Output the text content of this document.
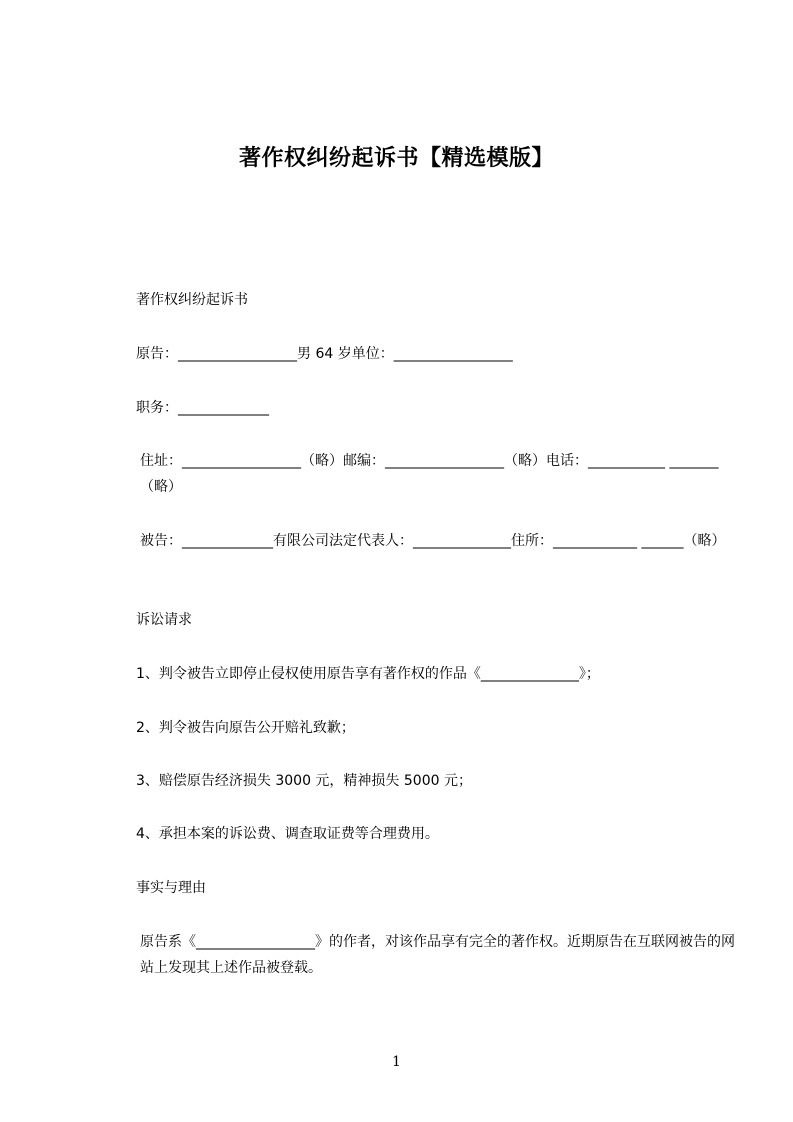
著作权纠纷起诉书【精选模版】
著作权纠纷起诉书
原告：_________________男 64 岁单位：_________________
职务：_____________
住址：_________________（略）邮编：_________________（略）电话：___________ _______（略）
被告：_____________有限公司法定代表人：______________住所：____________ ______（略）
诉讼请求
1、判令被告立即停止侵权使用原告享有著作权的作品《______________》；
2、判令被告向原告公开赔礼致歉；
3、赔偿原告经济损失 3000 元，精神损失 5000 元；
4、承担本案的诉讼费、调查取证费等合理费用。
事实与理由
原告系《_________________》的作者，对该作品享有完全的著作权。近期原告在互联网被告的网站上发现其上述作品被登载。
1
